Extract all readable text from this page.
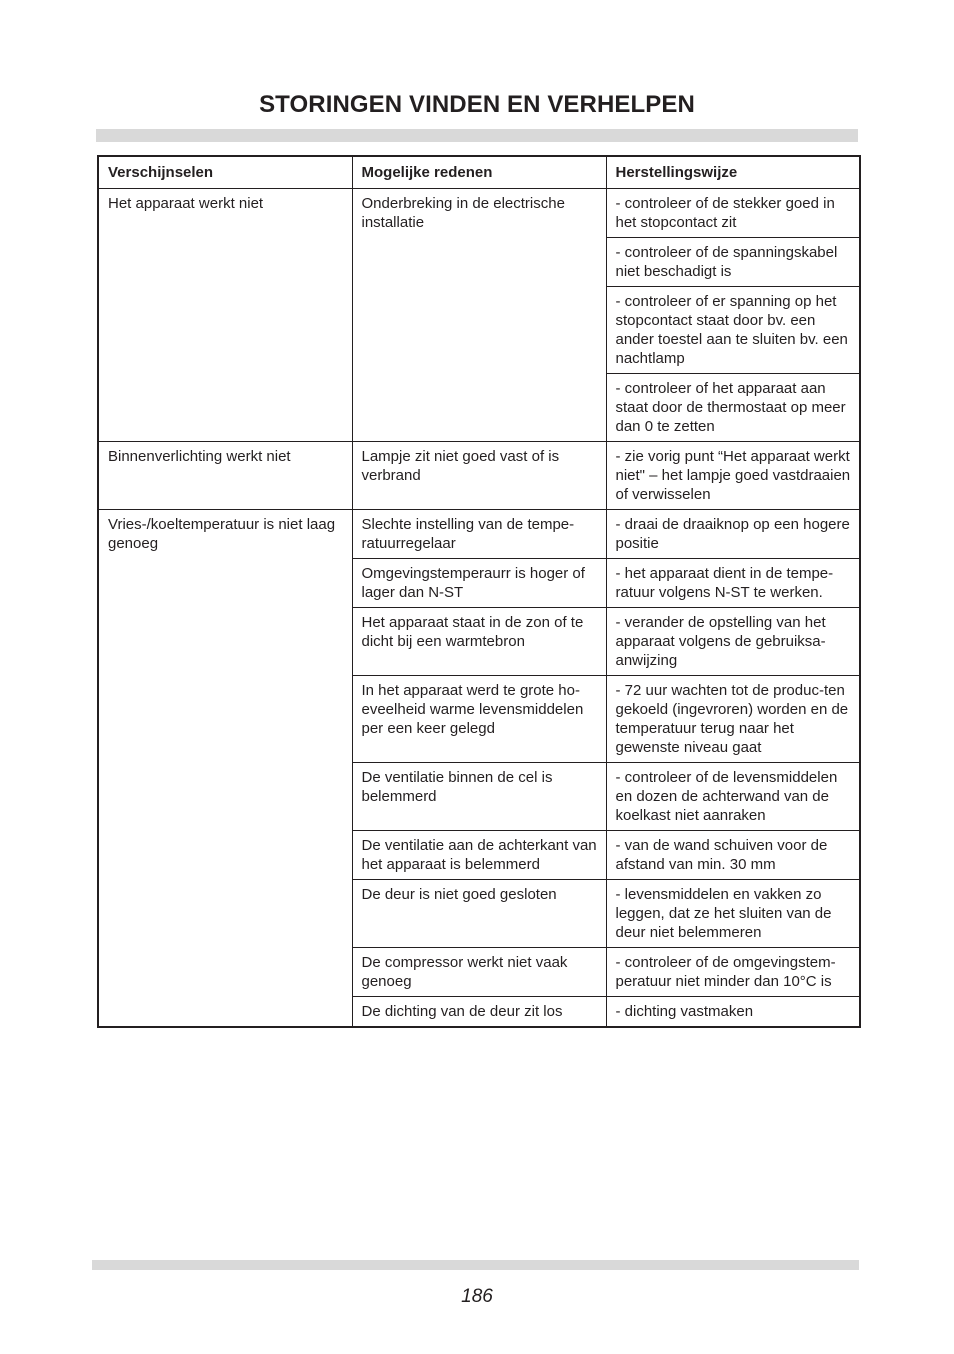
STORINGEN VINDEN EN VERHELPEN
Verschijnselen	Mogelijke redenen	Herstellingswijze
Het apparaat werkt niet	Onderbreking in de electrische installatie	- controleer of de stekker goed in het stopcontact zit
		- controleer of de spanningskabel niet beschadigt is
		- controleer of er spanning op het stopcontact staat door bv. een ander toestel aan te sluiten bv. een nachtlamp
		- controleer of het apparaat aan staat door de thermostaat op meer dan 0 te zetten
Binnenverlichting werkt niet	Lampje zit niet goed vast of is verbrand	- zie vorig punt “Het apparaat werkt niet" – het lampje goed vastdraaien of verwisselen
Vries-/koeltemperatuur is niet laag genoeg	Slechte instelling van de tempe-ratuurregelaar	- draai de draaiknop op een hogere positie
	Omgevingstemperaurr is hoger of lager dan N-ST	- het apparaat dient in de tempe-ratuur volgens N-ST te werken.
	Het apparaat staat in de zon of te dicht bij een warmtebron	- verander de opstelling van het apparaat volgens de gebruiksa-anwijzing
	In het apparaat werd te grote ho-eveelheid warme levensmiddelen per een keer gelegd	- 72 uur wachten tot de produc-ten gekoeld (ingevroren) worden en de temperatuur terug naar het gewenste niveau gaat
	De ventilatie binnen de cel is belemmerd	- controleer of de levensmiddelen en dozen de achterwand van de koelkast niet aanraken
	De ventilatie aan de achterkant van het apparaat is belemmerd	- van de wand schuiven voor de afstand van min. 30 mm
	De deur is niet goed gesloten	- levensmiddelen en vakken zo leggen, dat ze het sluiten van de deur niet belemmeren
	De compressor werkt niet vaak genoeg	- controleer of de omgevingstem-peratuur niet minder dan 10°C is
	De dichting van de deur zit los	- dichting vastmaken
186
